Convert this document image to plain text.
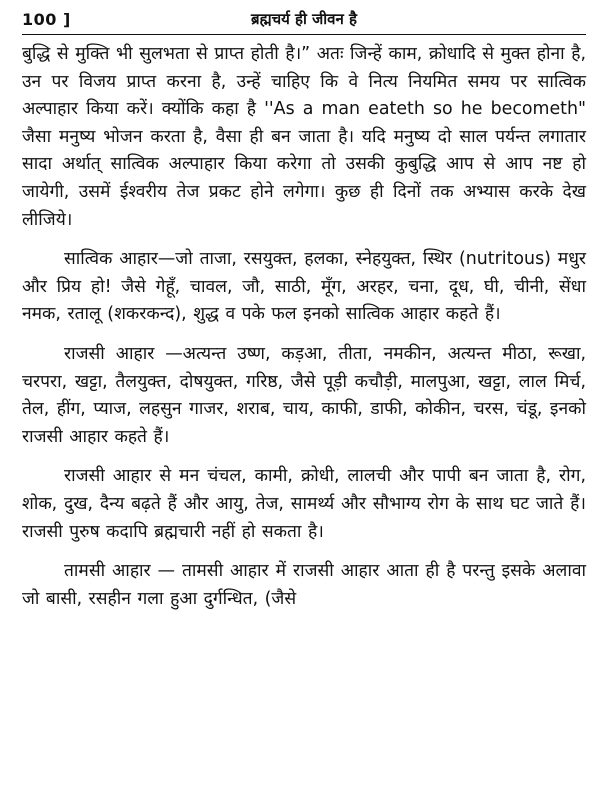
100 ]	ब्रह्मचर्य ही जीवन है

बुद्धि से मुक्ति भी सुलभता से प्राप्त होती है।” अतः जिन्हें काम, क्रोधादि से मुक्त होना है, उन पर विजय प्राप्त करना है, उन्हें चाहिए कि वे नित्य नियमित समय पर सात्विक अल्पाहार किया करें। क्योंकि कहा है ''As a man eateth so he becometh" जैसा मनुष्य भोजन करता है, वैसा ही बन जाता है। यदि मनुष्य दो साल पर्यन्त लगातार सादा अर्थात् सात्विक अल्पाहार किया करेगा तो उसकी कुबुद्धि आप से आप नष्ट हो जायेगी, उसमें ईश्वरीय तेज प्रकट होने लगेगा। कुछ ही दिनों तक अभ्यास करके देख लीजिये।

सात्विक आहार—जो ताजा, रसयुक्त, हलका, स्नेहयुक्त, स्थिर (nutritous) मधुर और प्रिय हो! जैसे गेहूँ, चावल, जौ, साठी, मूँग, अरहर, चना, दूध, घी, चीनी, सेंधा नमक, रतालू (शकरकन्द), शुद्ध व पके फल इनको सात्विक आहार कहते हैं।

राजसी आहार —अत्यन्त उष्ण, कड़आ, तीता, नमकीन, अत्यन्त मीठा, रूखा, चरपरा, खट्टा, तैलयुक्त, दोषयुक्त, गरिष्ठ, जैसे पूड़ी कचौड़ी, मालपुआ, खट्टा, लाल मिर्च, तेल, हींग, प्याज, लहसुन गाजर, शराब, चाय, काफी, डाफी, कोकीन, चरस, चंडू, इनको राजसी आहार कहते हैं।

राजसी आहार से मन चंचल, कामी, क्रोधी, लालची और पापी बन जाता है, रोग, शोक, दुख, दैन्य बढ़ते हैं और आयु, तेज, सामर्थ्य और सौभाग्य रोग के साथ घट जाते हैं। राजसी पुरुष कदापि ब्रह्मचारी नहीं हो सकता है।

तामसी आहार — तामसी आहार में राजसी आहार आता ही है परन्तु इसके अलावा जो बासी, रसहीन गला हुआ दुर्गन्धित, (जैसे
